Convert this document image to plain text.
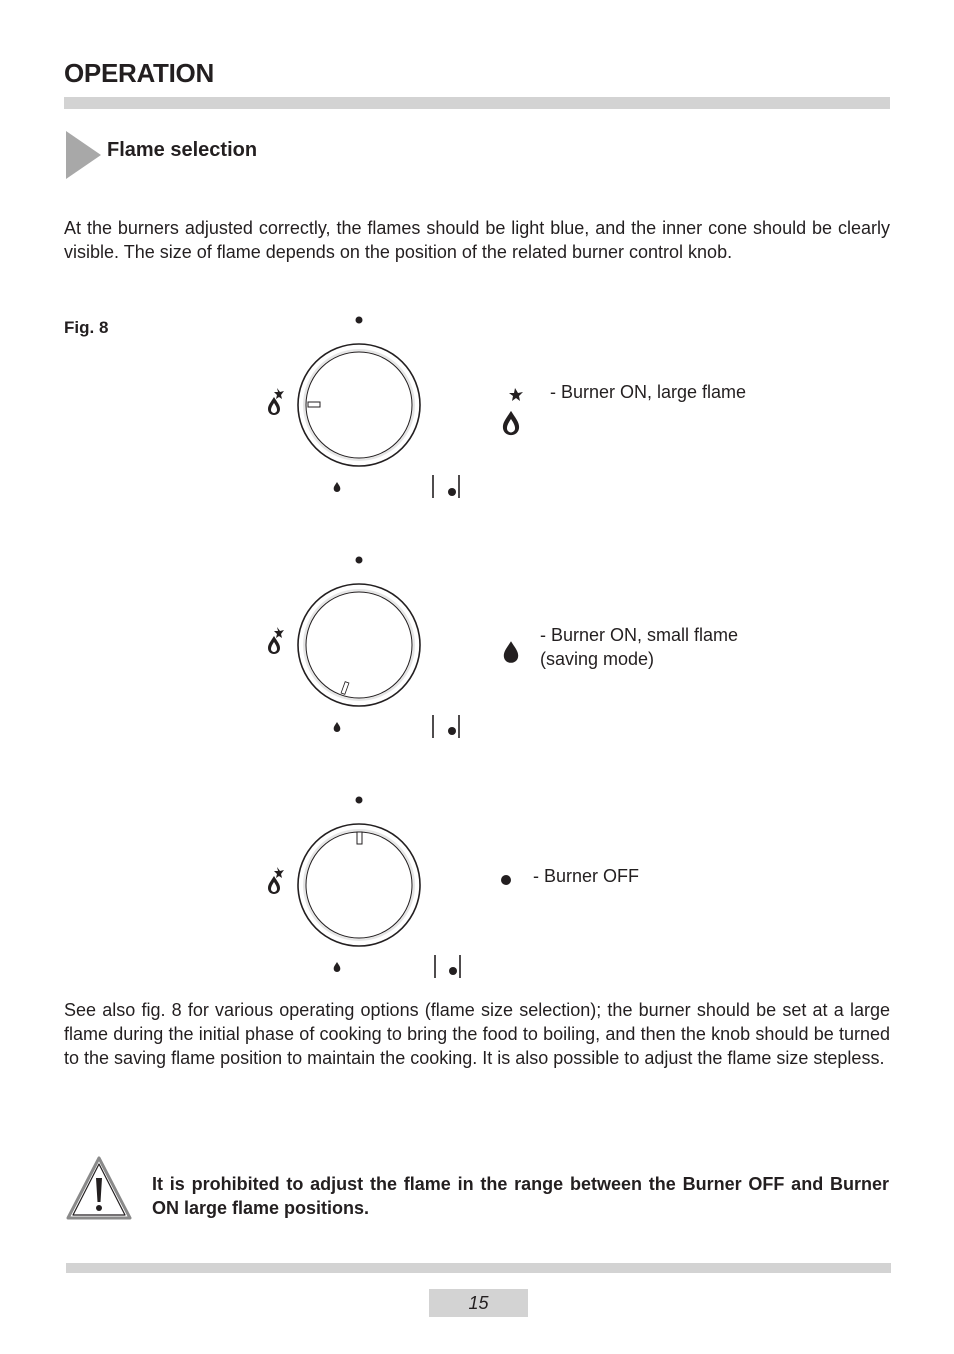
OPERATION
Flame selection
At the burners adjusted correctly, the flames should be light blue, and the inner cone should be clearly visible. The size of flame depends on the position of the related burner control knob.
Fig. 8
- Burner ON, large flame
- Burner ON, small flame (saving mode)
- Burner OFF
See also fig. 8 for various operating options (flame size selection); the burner should be set at a large flame during the initial phase of cooking to bring the food to boiling, and then the knob should be turned to the saving flame position to maintain the cooking. It is also possible to adjust the flame size stepless.
It is prohibited to adjust the flame in the range between the Burner OFF and Burner ON large flame positions.
15
